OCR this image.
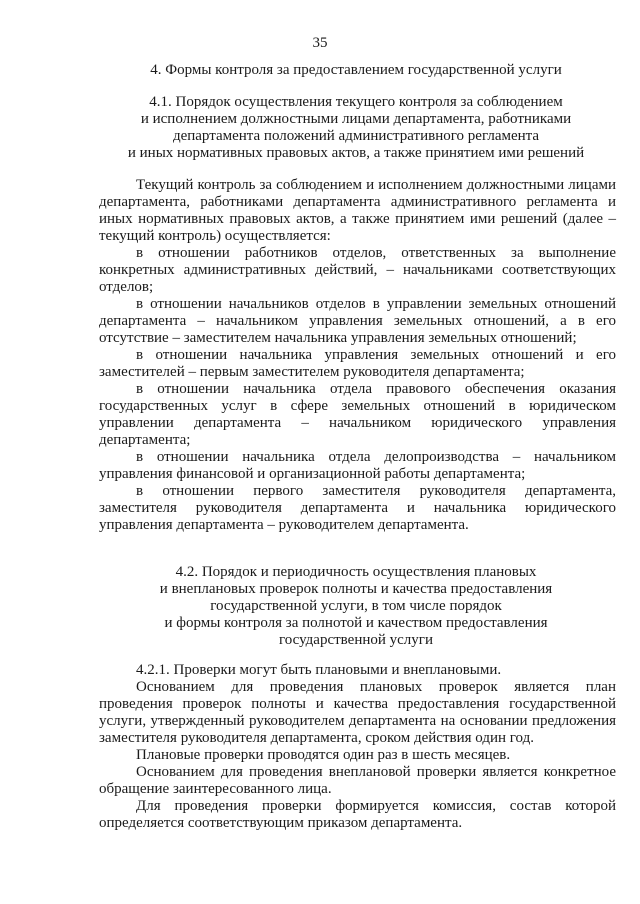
35
4. Формы контроля за предоставлением государственной услуги
4.1. Порядок осуществления текущего контроля за соблюдением
и исполнением должностными лицами департамента, работниками
департамента положений административного регламента
и иных нормативных правовых актов, а также принятием ими решений

Текущий контроль за соблюдением и исполнением должностными лицами департамента, работниками департамента административного регламента и иных нормативных правовых актов, а также принятием ими решений (далее – текущий контроль) осуществляется:

в отношении работников отделов, ответственных за выполнение конкретных административных действий, – начальниками соответствующих отделов;

в отношении начальников отделов в управлении земельных отношений департамента – начальником управления земельных отношений, а в его отсутствие – заместителем начальника управления земельных отношений;

в отношении начальника управления земельных отношений и его заместителей – первым заместителем руководителя департамента;

в отношении начальника отдела правового обеспечения оказания государственных услуг в сфере земельных отношений в юридическом управлении департамента – начальником юридического управления департамента;

в отношении начальника отдела делопроизводства – начальником управления финансовой и организационной работы департамента;

в отношении первого заместителя руководителя департамента, заместителя руководителя департамента и начальника юридического управления департамента – руководителем департамента.

4.2. Порядок и периодичность осуществления плановых
и внеплановых проверок полноты и качества предоставления
государственной услуги, в том числе порядок
и формы контроля за полнотой и качеством предоставления
государственной услуги

4.2.1. Проверки могут быть плановыми и внеплановыми.

Основанием для проведения плановых проверок является план проведения проверок полноты и качества предоставления государственной услуги, утвержденный руководителем департамента на основании предложения заместителя руководителя департамента, сроком действия один год.

Плановые проверки проводятся один раз в шесть месяцев.

Основанием для проведения внеплановой проверки является конкретное обращение заинтересованного лица.

Для проведения проверки формируется комиссия, состав которой определяется соответствующим приказом департамента.
